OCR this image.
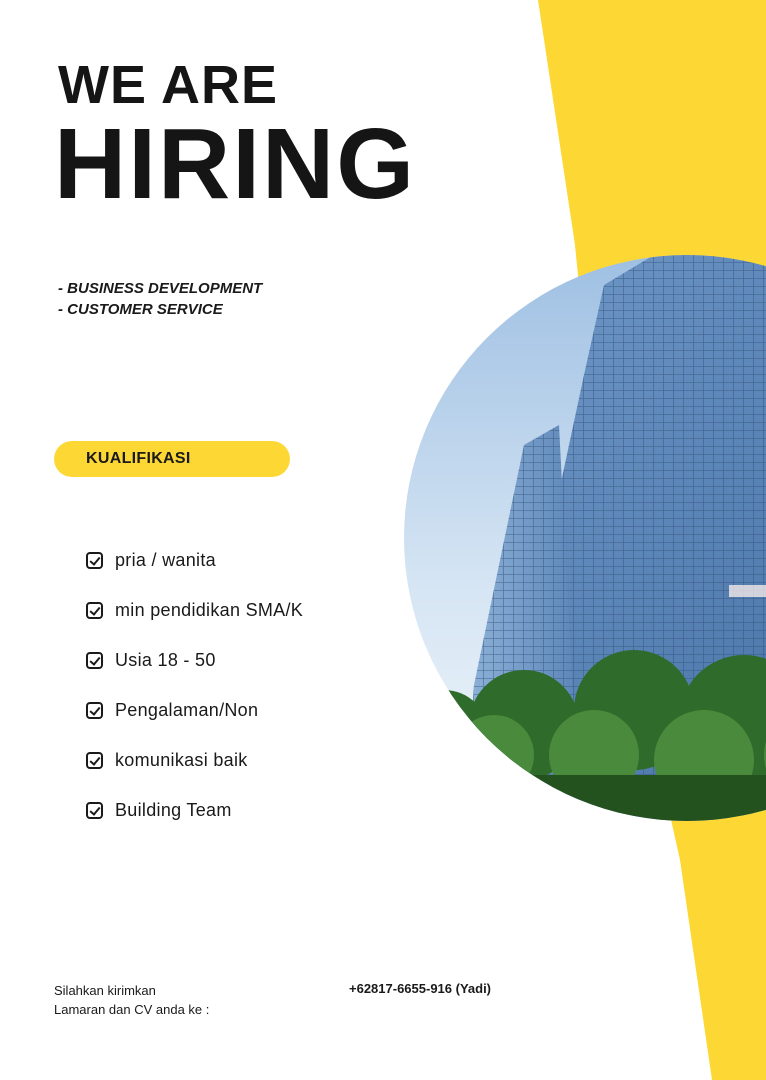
WE ARE
HIRING
- BUSINESS DEVELOPMENT
- CUSTOMER SERVICE
KUALIFIKASI
pria / wanita
min pendidikan SMA/K
Usia 18 - 50
Pengalaman/Non
komunikasi baik
Building Team
Silahkan kirimkan
Lamaran dan CV anda ke :
+62817-6655-916 (Yadi)
